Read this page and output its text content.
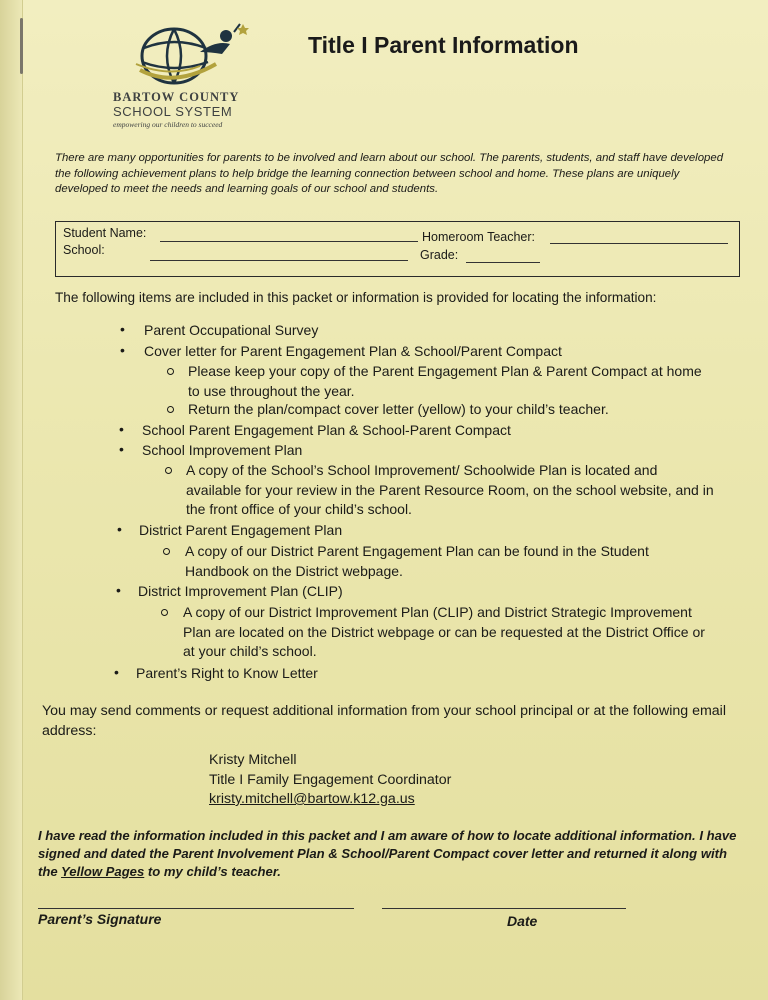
BARTOW COUNTY
SCHOOL SYSTEM
empowering our children to succeed
Title I Parent Information
There are many opportunities for parents to be involved and learn about our school. The parents, students, and staff have developed the following achievement plans to help bridge the learning connection between school and home. These plans are uniquely developed to meet the needs and learning goals of our school and students.
Student Name:
School:
Homeroom Teacher:
Grade:
The following items are included in this packet or information is provided for locating the information:
• Parent Occupational Survey
• Cover letter for Parent Engagement Plan & School/Parent Compact
Please keep your copy of the Parent Engagement Plan & Parent Compact at home to use throughout the year.
Return the plan/compact cover letter (yellow) to your child’s teacher.
• School Parent Engagement Plan & School-Parent Compact
• School Improvement Plan
A copy of the School’s School Improvement/ Schoolwide Plan is located and available for your review in the Parent Resource Room, on the school website, and in the front office of your child’s school.
• District Parent Engagement Plan
A copy of our District Parent Engagement Plan can be found in the Student Handbook on the District webpage.
• District Improvement Plan (CLIP)
A copy of our District Improvement Plan (CLIP) and District Strategic Improvement Plan are located on the District webpage or can be requested at the District Office or at your child’s school.
• Parent’s Right to Know Letter
You may send comments or request additional information from your school principal or at the following email address:
Kristy Mitchell
Title I Family Engagement Coordinator
kristy.mitchell@bartow.k12.ga.us
I have read the information included in this packet and I am aware of how to locate additional information. I have signed and dated the Parent Involvement Plan & School/Parent Compact cover letter and returned it along with the Yellow Pages to my child’s teacher.
Parent’s Signature	Date
